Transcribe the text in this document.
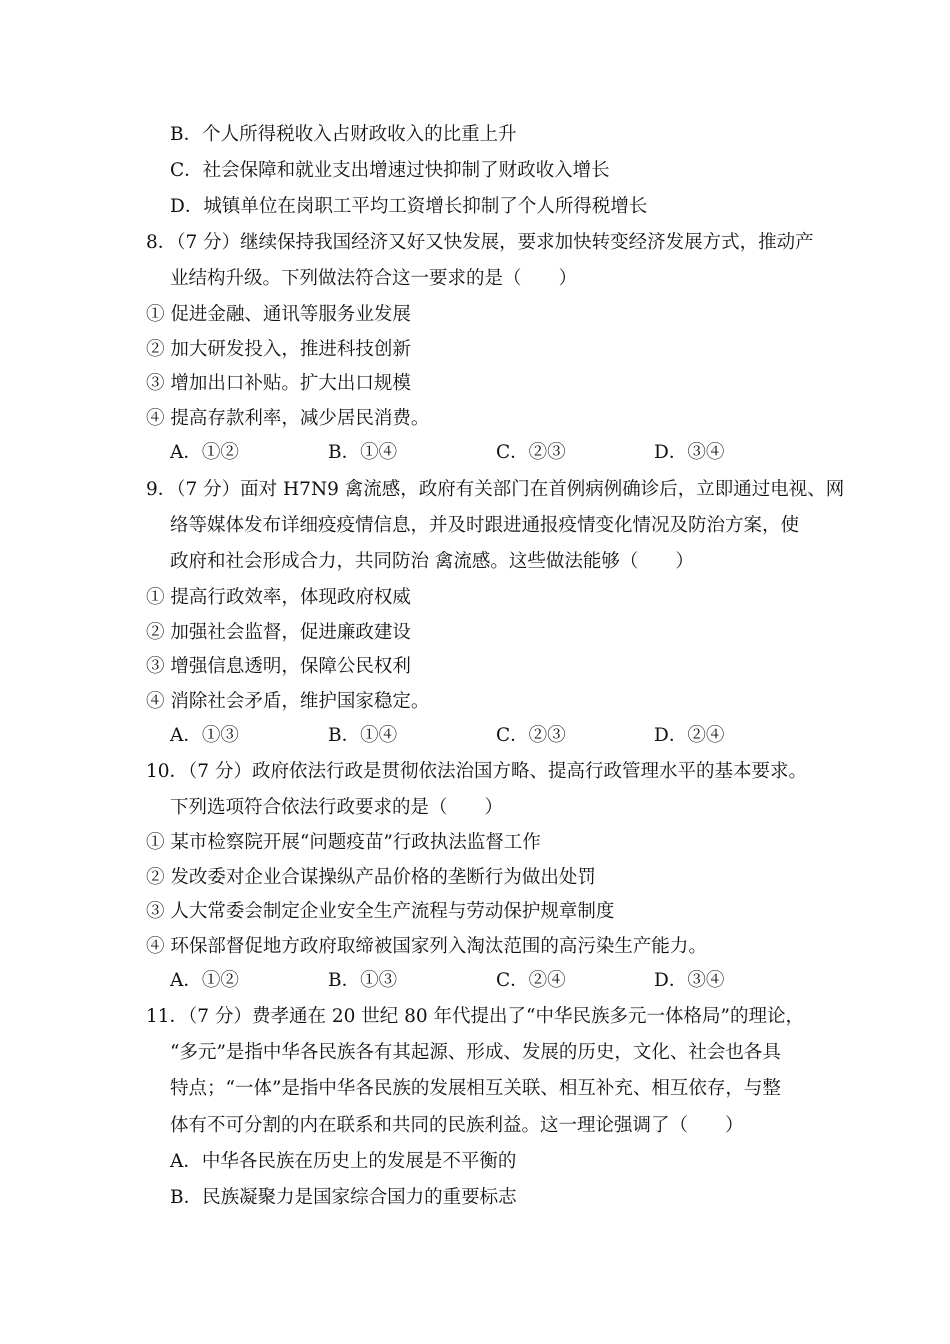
B．个人所得税收入占财政收入的比重上升
C．社会保障和就业支出增速过快抑制了财政收入增长
D．城镇单位在岗职工平均工资增长抑制了个人所得税增长
8．（7 分）继续保持我国经济又好又快发展，要求加快转变经济发展方式，推动产
业结构升级。下列做法符合这一要求的是（　　）
① 促进金融、通讯等服务业发展
② 加大研发投入，推进科技创新
③ 增加出口补贴。扩大出口规模
④ 提高存款利率，减少居民消费。
A．①②	B．①④	C．②③	D．③④
9．（7 分）面对 H7N9 禽流感，政府有关部门在首例病例确诊后，立即通过电视、网
络等媒体发布详细疫疫情信息，并及时跟进通报疫情变化情况及防治方案，使
政府和社会形成合力，共同防治 禽流感。这些做法能够（　　）
① 提高行政效率，体现政府权威
② 加强社会监督，促进廉政建设
③ 增强信息透明，保障公民权利
④ 消除社会矛盾，维护国家稳定。
A．①③	B．①④	C．②③	D．②④
10．（7 分）政府依法行政是贯彻依法治国方略、提高行政管理水平的基本要求。
下列选项符合依法行政要求的是（　　）
① 某市检察院开展“问题疫苗”行政执法监督工作
② 发改委对企业合谋操纵产品价格的垄断行为做出处罚
③ 人大常委会制定企业安全生产流程与劳动保护规章制度
④ 环保部督促地方政府取缔被国家列入淘汰范围的高污染生产能力。
A．①②	B．①③	C．②④	D．③④
11．（7 分）费孝通在 20 世纪 80 年代提出了“中华民族多元一体格局”的理论，
“多元”是指中华各民族各有其起源、形成、发展的历史，文化、社会也各具
特点；“一体”是指中华各民族的发展相互关联、相互补充、相互依存，与整
体有不可分割的内在联系和共同的民族利益。这一理论强调了（　　）
A．中华各民族在历史上的发展是不平衡的
B．民族凝聚力是国家综合国力的重要标志
